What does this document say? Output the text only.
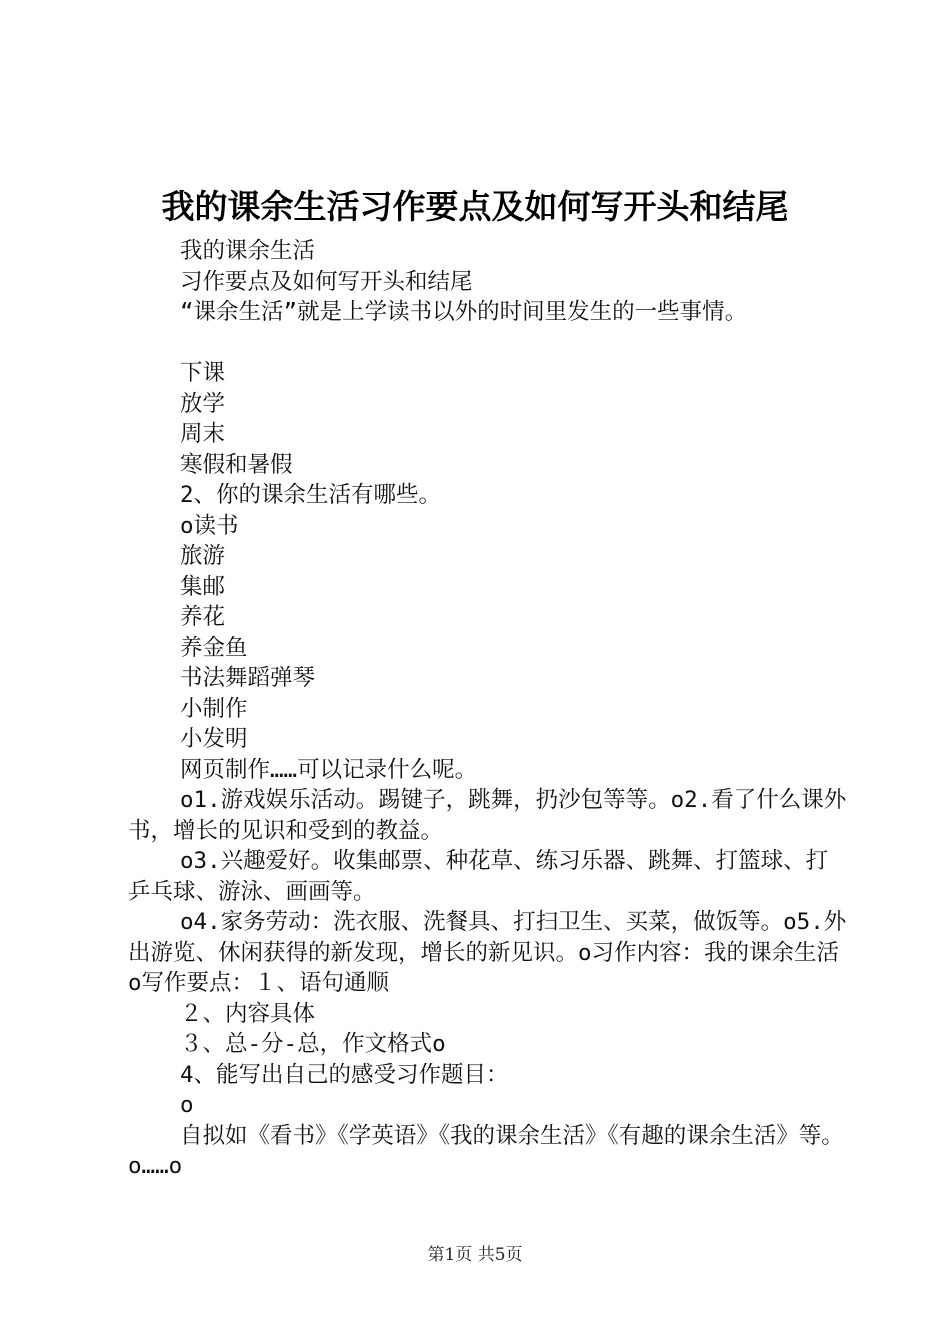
我的课余生活习作要点及如何写开头和结尾
我的课余生活
习作要点及如何写开头和结尾
“课余生活”就是上学读书以外的时间里发生的一些事情。
下课
放学
周末
寒假和暑假
2、你的课余生活有哪些。
o读书
旅游
集邮
养花
养金鱼
书法舞蹈弹琴
小制作
小发明
网页制作……可以记录什么呢。
o1.游戏娱乐活动。踢键子，跳舞，扔沙包等等。o2.看了什么课外书，增长的见识和受到的教益。
o3.兴趣爱好。收集邮票、种花草、练习乐器、跳舞、打篮球、打乒乓球、游泳、画画等。
o4.家务劳动：洗衣服、洗餐具、打扫卫生、买菜，做饭等。o5.外出游览、休闲获得的新发现，增长的新见识。o习作内容：我的课余生活o写作要点：１、语句通顺
２、内容具体
３、总-分-总，作文格式o
4、能写出自己的感受习作题目：
o
自拟如《看书》《学英语》《我的课余生活》《有趣的课余生活》等。o……o
第1页 共5页
